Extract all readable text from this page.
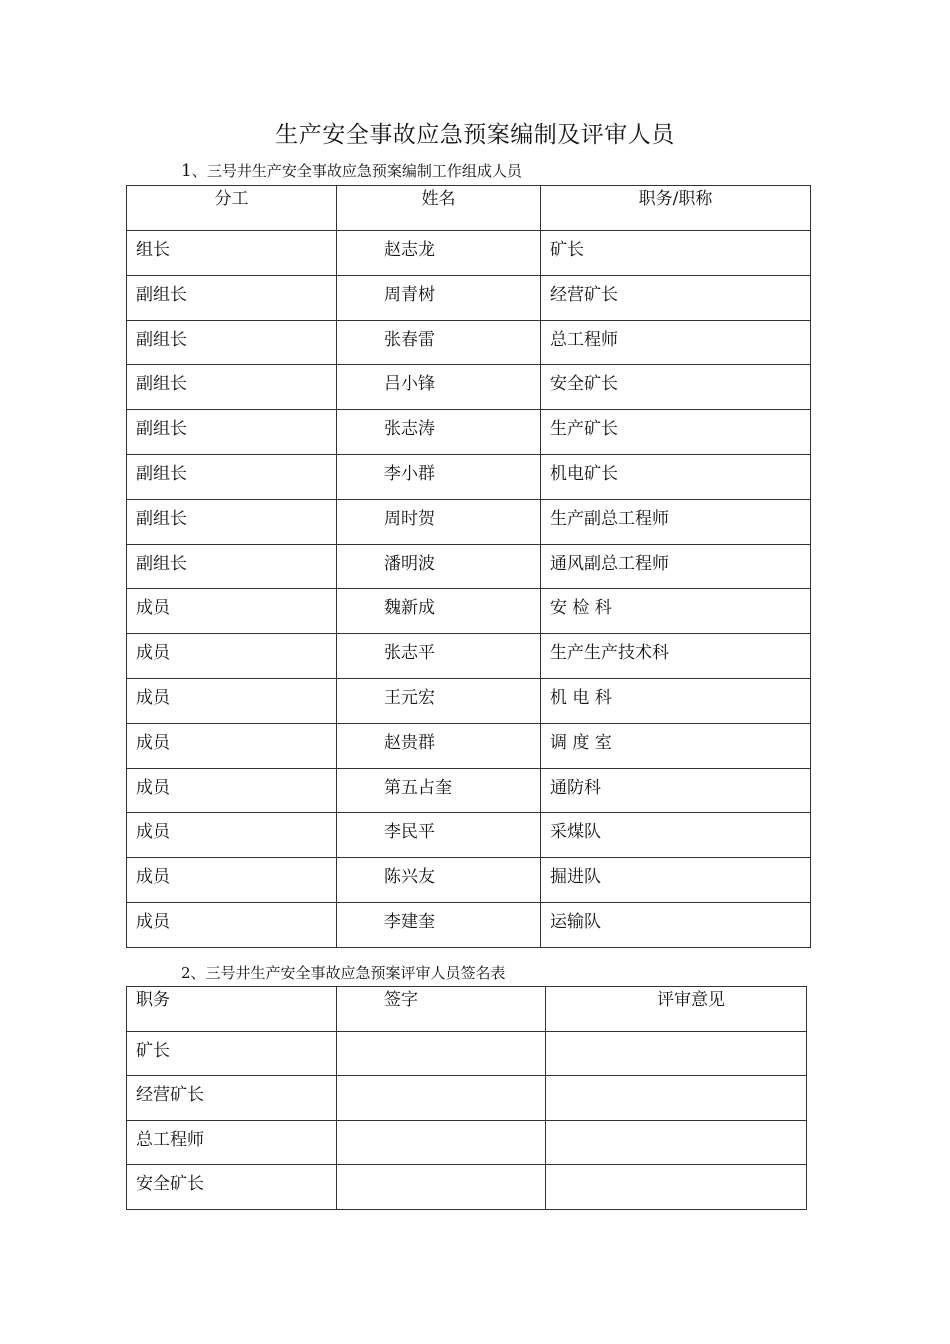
生产安全事故应急预案编制及评审人员
1、三号井生产安全事故应急预案编制工作组成人员
分工	姓名	职务/职称
组长	赵志龙	矿长
副组长	周青树	经营矿长
副组长	张春雷	总工程师
副组长	吕小锋	安全矿长
副组长	张志涛	生产矿长
副组长	李小群	机电矿长
副组长	周时贺	生产副总工程师
副组长	潘明波	通风副总工程师
成员	魏新成	安 检 科
成员	张志平	生产生产技术科
成员	王元宏	机 电 科
成员	赵贵群	调 度 室
成员	第五占奎	通防科
成员	李民平	采煤队
成员	陈兴友	掘进队
成员	李建奎	运输队
2、三号井生产安全事故应急预案评审人员签名表
职务	签字	评审意见
矿长		
经营矿长		
总工程师		
安全矿长		
